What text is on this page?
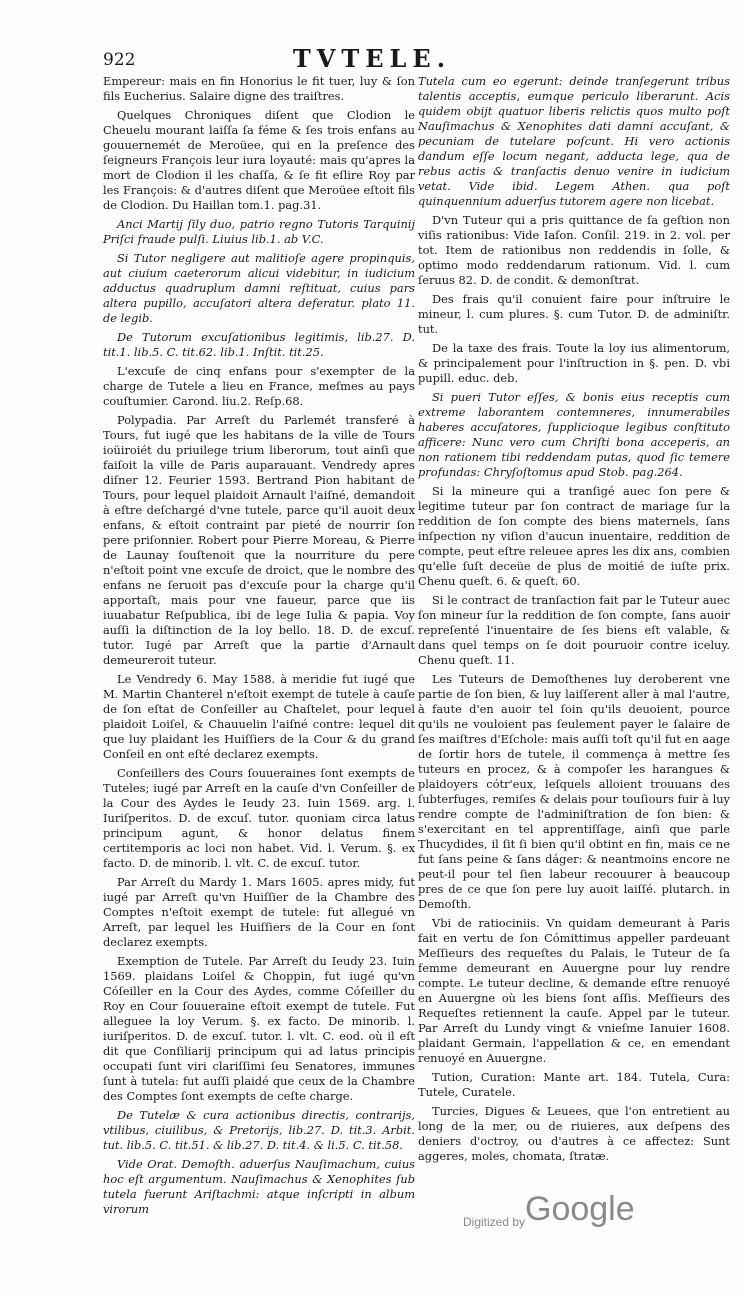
922	TVTELE.

Empereur: mais en fin Honorius le fit tuer, luy & ſon fils Eucherius. Salaire digne des traiſtres.

Quelques Chroniques diſent que Clodion le Cheuelu mourant laiſſa ſa féme & ſes trois enfans au gouuernemét de Meroüee, qui en la preſence des ſeigneurs François leur iura loyauté: mais qu'apres la mort de Clodion il les chaſſa, & ſe fit eſlire Roy par les François: & d'autres diſent que Meroüee eſtoit fils de Clodion. Du Haillan tom.1. pag.31.

Anci Martij ſily duo, patrio regno Tutoris Tarquinij Priſci fraude pulſi. Liuius lib.1. ab V.C.

Si Tutor negligere aut malitioſe agere propinquis, aut ciuium caeterorum alicui videbitur, in iudicium adductus quadruplum damni reſtituat, cuius pars altera pupillo, accuſatori altera deferatur. plato 11. de legib.

De Tutorum excuſationibus legitimis, lib.27. D. tit.1. lib.5. C. tit.62. lib.1. Inſtit. tit.25.

L'excuſe de cinq enfans pour s'exempter de la charge de Tutele a lieu en France, meſmes au pays couſtumier. Carond. liu.2. Reſp.68.

Polypadia. Par Arreſt du Parlemét transferé à Tours, fut iugé que les habitans de la ville de Tours ioüiroiét du priuilege trium liberorum, tout ainſi que faiſoit la ville de Paris auparauant. Vendredy apres diſner 12. Feurier 1593. Bertrand Pion habitant de Tours, pour lequel plaidoit Arnault l'aiſné, demandoit à eſtre deſchargé d'vne tutele, parce qu'il auoit deux enfans, & eſtoit contraint par pieté de nourrir ſon pere priſonnier. Robert pour Pierre Moreau, & Pierre de Launay ſouſtenoit que la nourriture du pere n'eſtoit point vne excuſe de droict, que le nombre des enfans ne ſeruoit pas d'excuſe pour la charge qu'il apportaſt, mais pour vne faueur, parce que iis iuuabatur Reſpublica, ibi de lege Iulia & papia. Voy auſſi la diſtinction de la loy bello. 18. D. de excuſ. tutor. Iugé par Arreſt que la partie d'Arnault demeureroit tuteur.

Le Vendredy 6. May 1588. à meridie fut iugé que M. Martin Chanterel n'eſtoit exempt de tutele à cauſe de ſon eſtat de Conſeiller au Chaſtelet, pour lequel plaidoit Loiſel, & Chauuelin l'aiſné contre: lequel dit que luy plaidant les Huiſſiers de la Cour & du grand Conſeil en ont eſté declarez exempts.

Conſeillers des Cours ſouueraines ſont exempts de Tuteles; iugé par Arreſt en la cauſe d'vn Conſeiller de la Cour des Aydes le Ieudy 23. Iuin 1569. arg. l. Iuriſperitos. D. de excuſ. tutor. quoniam circa latus principum agunt, & honor delatus finem certitemporis ac loci non habet. Vid. l. Verum. §. ex facto. D. de minorib. l. vlt. C. de excuſ. tutor.

Par Arreſt du Mardy 1. Mars 1605. apres midy, fut iugé par Arreſt qu'vn Huiſſier de la Chambre des Comptes n'eſtoit exempt de tutele: fut allegué vn Arreſt, par lequel les Huiſſiers de la Cour en ſont declarez exempts.

Exemption de Tutele. Par Arreſt du Ieudy 23. Iuin 1569. plaidans Loiſel & Choppin, fut iugé qu'vn Cóſeiller en la Cour des Aydes, comme Cóſeiller du Roy en Cour ſouueraine eſtoit exempt de tutele. Fut alleguee la loy Verum. §. ex facto. De minorib. l. iuriſperitos. D. de excuſ. tutor. l. vlt. C. eod. où il eſt dit que Conſiliarij principum qui ad latus principis occupati ſunt viri clariſſimi ſeu Senatores, immunes ſunt à tutela: fut auſſi plaidé que ceux de la Chambre des Comptes ſont exempts de ceſte charge.

De Tutelæ & cura actionibus directis, contrarijs, vtilibus, ciuilibus, & Pretorijs, lib.27. D. tit.3. Arbit. tut. lib.5. C. tit.51. & lib.27. D. tit.4. & li.5. C. tit.58.

Vide Orat. Demoſth. aduerſus Nauſimachum, cuius hoc eſt argumentum. Nauſimachus & Xenophites ſub tutela fuerunt Ariſtachmi: atque inſcripti in album virorum

Tutela cum eo egerunt: deinde tranſegerunt tribus talentis acceptis, eumque periculo liberarunt. Acis quidem obijt quatuor liberis relictis quos multo poſt Nauſimachus & Xenophites dati damni accuſant, & pecuniam de tutelare poſcunt. Hi vero actionis dandum eſſe locum negant, adducta lege, qua de rebus actis & tranſactis denuo venire in iudicium vetat. Vide ibid. Legem Athen. qua poſt quinquennium aduerſus tutorem agere non licebat.

D'vn Tuteur qui a pris quittance de ſa geſtion non viſis rationibus: Vide Iaſon. Conſil. 219. in 2. vol. per tot. Item de rationibus non reddendis in ſolle, & optimo modo reddendarum rationum. Vid. l. cum ſeruus 82. D. de condit. & demonſtrat.

Des frais qu'il conuient faire pour inſtruire le mineur, l. cum plures. §. cum Tutor. D. de adminiſtr. tut.

De la taxe des frais. Toute la loy ius alimentorum, & principalement pour l'inſtruction in §. pen. D. vbi pupill. educ. deb.

Si pueri Tutor eſſes, & bonis eius receptis cum extreme laborantem contemneres, innumerabiles haberes accuſatores, ſupplicioque legibus conſtituto afficere: Nunc vero cum Chriſti bona acceperis, an non rationem tibi reddendam putas, quod ſic temere profundas: Chryſoſtomus apud Stob. pag.264.

Si la mineure qui a tranſigé auec ſon pere & legitime tuteur par ſon contract de mariage ſur la reddition de ſon compte des biens maternels, ſans inſpection ny viſion d'aucun inuentaire, reddition de compte, peut eſtre releuee apres les dix ans, combien qu'elle ſuſt deceüe de plus de moitié de iuſte prix. Chenu queſt. 6. & queſt. 60.

Si le contract de tranſaction fait par le Tuteur auec ſon mineur ſur la reddition de ſon compte, ſans auoir repreſenté l'inuentaire de ſes biens eſt valable, & dans quel temps on ſe doit pouruoir contre iceluy. Chenu queſt. 11.

Les Tuteurs de Demoſthenes luy deroberent vne partie de ſon bien, & luy laiſſerent aller à mal l'autre, à faute d'en auoir tel ſoin qu'ils deuoient, pource qu'ils ne vouloient pas ſeulement payer le ſalaire de ſes maiſtres d'Eſchole: mais auſſi toſt qu'il fut en aage de ſortir hors de tutele, il commença à mettre ſes tuteurs en procez, & à compoſer les harangues & plaidoyers cótr'eux, leſquels alloient trouuans des ſubterfuges, remiſes & delais pour touſiours fuir à luy rendre compte de l'adminiſtration de ſon bien: & s'exercitant en tel apprentiſſage, ainſi que parle Thucydides, il ſit ſi bien qu'il obtint en fin, mais ce ne fut ſans peine & ſans dáger: & neantmoins encore ne peut-il pour tel ſien labeur recouurer à beaucoup pres de ce que ſon pere luy auoit laiſſé. plutarch. in Demoſth.

Vbi de ratiociniis. Vn quidam demeurant à Paris fait en vertu de ſon Cómittimus appeller pardeuant Meſſieurs des requeſtes du Palais, le Tuteur de ſa femme demeurant en Auuergne pour luy rendre compte. Le tuteur decline, & demande eſtre renuoyé en Auuergne où les biens ſont aſſis. Meſſieurs des Requeſtes retiennent la cauſe. Appel par le tuteur. Par Arreſt du Lundy vingt & vnieſme Ianuier 1608. plaidant Germain, l'appellation & ce, en emendant renuoyé en Auuergne.

Tution, Curation: Mante art. 184. Tutela, Cura: Tutele, Curatele.

Turcies, Digues & Leuees, que l'on entretient au long de la mer, ou de riuieres, aux deſpens des deniers d'octroy, ou d'autres à ce affectez: Sunt aggeres, moles, chomata, ſtratæ.

Digitized by Google
